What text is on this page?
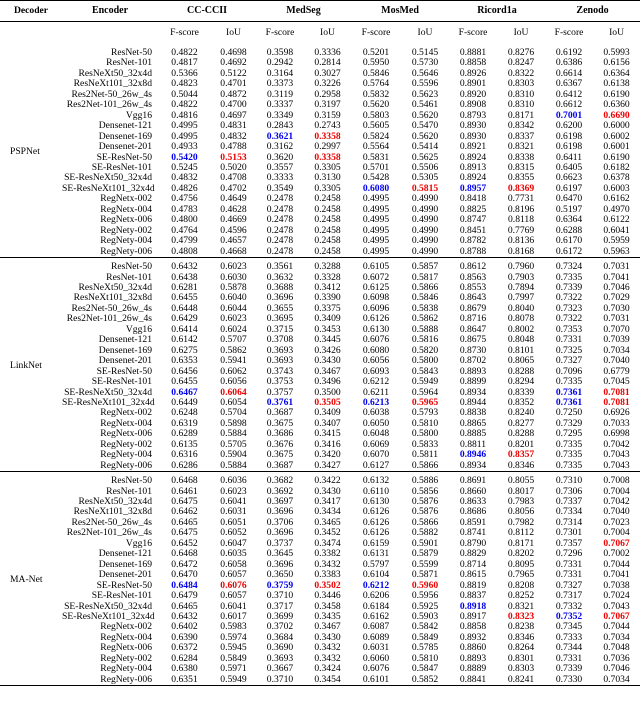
Decoder	Encoder	CC-CCII		MedSeg		MosMed		Ricord1a		Zenodo	
		F-score	IoU	F-score	IoU	F-score	IoU	F-score	IoU	F-score	IoU

PSPNet	ResNet-50	0.4822	0.4698	0.3598	0.3336	0.5201	0.5145	0.8881	0.8276	0.6192	0.5993
	ResNet-101	0.4817	0.4692	0.2942	0.2814	0.5950	0.5730	0.8858	0.8247	0.6386	0.6156
	ResNeXt50_32x4d	0.5366	0.5122	0.3164	0.3027	0.5846	0.5646	0.8926	0.8322	0.6614	0.6364
	ResNeXt101_32x8d	0.4823	0.4701	0.3373	0.3226	0.5764	0.5596	0.8901	0.8303	0.6367	0.6138
	Res2Net-50_26w_4s	0.5044	0.4872	0.3119	0.2958	0.5832	0.5623	0.8920	0.8310	0.6412	0.6190
	Res2Net-101_26w_4s	0.4822	0.4700	0.3337	0.3197	0.5620	0.5461	0.8908	0.8310	0.6612	0.6360
	Vgg16	0.4816	0.4697	0.3349	0.3159	0.5803	0.5620	0.8793	0.8171	0.7001	0.6690
	Densenet-121	0.4995	0.4831	0.2843	0.2743	0.5605	0.5470	0.8930	0.8342	0.6200	0.6000
	Densenet-169	0.4995	0.4832	0.3621	0.3358	0.5824	0.5620	0.8930	0.8337	0.6198	0.6002
	Densenet-201	0.4933	0.4788	0.3162	0.2997	0.5564	0.5414	0.8921	0.8321	0.6198	0.6001
	SE-ResNet-50	0.5420	0.5153	0.3620	0.3358	0.5831	0.5625	0.8924	0.8338	0.6411	0.6190
	SE-ResNet-101	0.5245	0.5020	0.3557	0.3305	0.5701	0.5506	0.8913	0.8315	0.6405	0.6182
	SE-ResNeXt50_32x4d	0.4832	0.4708	0.3333	0.3130	0.5428	0.5305	0.8924	0.8355	0.6623	0.6378
	SE-ResNeXt101_32x4d	0.4826	0.4702	0.3549	0.3305	0.6080	0.5815	0.8957	0.8369	0.6197	0.6003
	RegNetx-002	0.4756	0.4649	0.2478	0.2458	0.4995	0.4990	0.8418	0.7731	0.6470	0.6162
	RegNetx-004	0.4783	0.4628	0.2478	0.2458	0.4995	0.4990	0.8825	0.8196	0.5197	0.4970
	RegNetx-006	0.4800	0.4669	0.2478	0.2458	0.4995	0.4990	0.8747	0.8118	0.6364	0.6122
	RegNety-002	0.4764	0.4596	0.2478	0.2458	0.4995	0.4990	0.8451	0.7769	0.6288	0.6041
	RegNety-004	0.4799	0.4657	0.2478	0.2458	0.4995	0.4990	0.8782	0.8136	0.6170	0.5959
	RegNety-006	0.4808	0.4668	0.2478	0.2458	0.4995	0.4990	0.8788	0.8168	0.6172	0.5963

LinkNet	ResNet-50	0.6432	0.6023	0.3561	0.3288	0.6105	0.5857	0.8612	0.7960	0.7324	0.7031
	ResNet-101	0.6438	0.6030	0.3632	0.3328	0.6072	0.5817	0.8563	0.7903	0.7335	0.7041
	ResNeXt50_32x4d	0.6281	0.5878	0.3688	0.3412	0.6125	0.5866	0.8553	0.7894	0.7339	0.7046
	ResNeXt101_32x8d	0.6455	0.6040	0.3696	0.3390	0.6098	0.5846	0.8643	0.7997	0.7322	0.7029
	Res2Net-50_26w_4s	0.6448	0.6044	0.3655	0.3375	0.6096	0.5838	0.8679	0.8040	0.7323	0.7030
	Res2Net-101_26w_4s	0.6429	0.6023	0.3695	0.3409	0.6126	0.5862	0.8716	0.8078	0.7322	0.7031
	Vgg16	0.6414	0.6024	0.3715	0.3453	0.6130	0.5888	0.8647	0.8002	0.7353	0.7070
	Densenet-121	0.6142	0.5707	0.3708	0.3445	0.6076	0.5816	0.8675	0.8048	0.7331	0.7039
	Densenet-169	0.6275	0.5862	0.3693	0.3426	0.6080	0.5820	0.8730	0.8101	0.7325	0.7034
	Densenet-201	0.6353	0.5941	0.3693	0.3430	0.6056	0.5800	0.8702	0.8065	0.7327	0.7040
	SE-ResNet-50	0.6456	0.6062	0.3743	0.3467	0.6093	0.5843	0.8893	0.8288	0.7096	0.6779
	SE-ResNet-101	0.6455	0.6056	0.3753	0.3496	0.6212	0.5949	0.8899	0.8294	0.7335	0.7045
	SE-ResNeXt50_32x4d	0.6467	0.6064	0.3757	0.3500	0.6211	0.5964	0.8934	0.8339	0.7361	0.7081
	SE-ResNeXt101_32x4d	0.6449	0.6054	0.3761	0.3505	0.6213	0.5965	0.8944	0.8352	0.7361	0.7081
	RegNetx-002	0.6248	0.5704	0.3687	0.3409	0.6038	0.5793	0.8838	0.8240	0.7250	0.6926
	RegNetx-004	0.6319	0.5898	0.3675	0.3407	0.6050	0.5810	0.8865	0.8277	0.7329	0.7033
	RegNetx-006	0.6289	0.5884	0.3686	0.3415	0.6048	0.5800	0.8885	0.8288	0.7295	0.6998
	RegNety-002	0.6135	0.5705	0.3676	0.3416	0.6069	0.5833	0.8811	0.8201	0.7335	0.7042
	RegNety-004	0.6316	0.5904	0.3675	0.3420	0.6070	0.5811	0.8946	0.8357	0.7335	0.7043
	RegNety-006	0.6286	0.5884	0.3687	0.3427	0.6127	0.5866	0.8934	0.8346	0.7335	0.7043

MA-Net	ResNet-50	0.6468	0.6036	0.3682	0.3422	0.6132	0.5886	0.8691	0.8055	0.7310	0.7008
	ResNet-101	0.6461	0.6023	0.3692	0.3430	0.6110	0.5856	0.8660	0.8017	0.7306	0.7004
	ResNeXt50_32x4d	0.6475	0.6041	0.3697	0.3417	0.6130	0.5876	0.8633	0.7983	0.7337	0.7042
	ResNeXt101_32x8d	0.6462	0.6031	0.3696	0.3434	0.6126	0.5876	0.8686	0.8056	0.7334	0.7040
	Res2Net-50_26w_4s	0.6465	0.6051	0.3706	0.3465	0.6126	0.5866	0.8591	0.7982	0.7314	0.7023
	Res2Net-101_26w_4s	0.6475	0.6052	0.3696	0.3452	0.6126	0.5882	0.8741	0.8112	0.7301	0.7004
	Vgg16	0.6452	0.6047	0.3737	0.3474	0.6159	0.5901	0.8790	0.8171	0.7357	0.7067
	Densenet-121	0.6468	0.6035	0.3645	0.3382	0.6131	0.5879	0.8829	0.8202	0.7296	0.7002
	Densenet-169	0.6472	0.6058	0.3696	0.3432	0.5797	0.5599	0.8714	0.8095	0.7331	0.7044
	Densenet-201	0.6470	0.6057	0.3650	0.3383	0.6104	0.5871	0.8615	0.7965	0.7331	0.7041
	SE-ResNet-50	0.6484	0.6076	0.3759	0.3502	0.6212	0.5960	0.8819	0.8208	0.7327	0.7038
	SE-ResNet-101	0.6479	0.6057	0.3710	0.3446	0.6206	0.5956	0.8837	0.8252	0.7317	0.7024
	SE-ResNeXt50_32x4d	0.6465	0.6041	0.3717	0.3458	0.6184	0.5925	0.8918	0.8321	0.7332	0.7043
	SE-ResNeXt101_32x4d	0.6432	0.6017	0.3699	0.3435	0.6162	0.5903	0.8917	0.8323	0.7352	0.7067
	RegNetx-002	0.6402	0.5983	0.3702	0.3467	0.6087	0.5842	0.8858	0.8238	0.7345	0.7044
	RegNetx-004	0.6390	0.5974	0.3684	0.3430	0.6089	0.5849	0.8932	0.8346	0.7333	0.7034
	RegNetx-006	0.6372	0.5945	0.3690	0.3432	0.6031	0.5785	0.8860	0.8264	0.7344	0.7048
	RegNety-002	0.6284	0.5849	0.3693	0.3432	0.6060	0.5810	0.8893	0.8301	0.7331	0.7036
	RegNety-004	0.6380	0.5971	0.3667	0.3424	0.6076	0.5847	0.8889	0.8303	0.7339	0.7046
	RegNety-006	0.6351	0.5949	0.3710	0.3454	0.6101	0.5852	0.8841	0.8241	0.7330	0.7034
